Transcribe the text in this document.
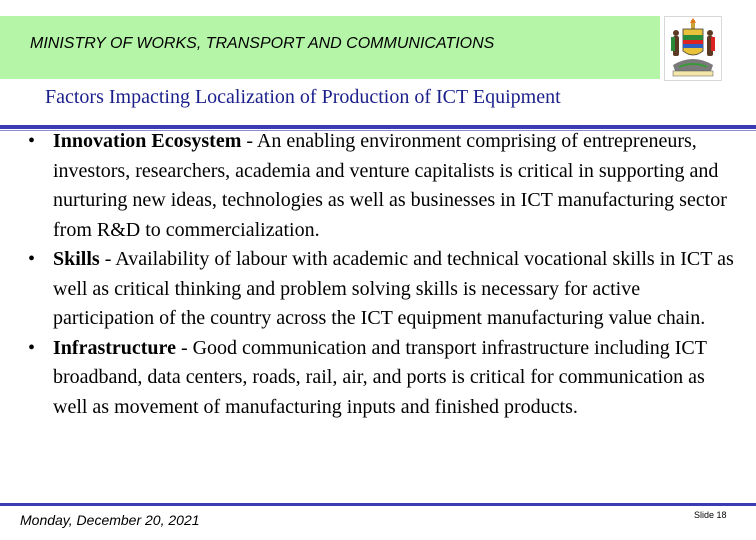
MINISTRY OF WORKS, TRANSPORT AND COMMUNICATIONS
Factors Impacting Localization of Production of ICT Equipment
• Innovation Ecosystem - An enabling environment comprising of entrepreneurs, investors, researchers, academia and venture capitalists is critical in supporting and nurturing new ideas, technologies as well as businesses in ICT manufacturing sector from R&D to commercialization.
• Skills - Availability of labour with academic and technical vocational skills in ICT as well as critical thinking and problem solving skills is necessary for active participation of the country across the ICT equipment manufacturing value chain.
• Infrastructure - Good communication and transport infrastructure including ICT broadband, data centers, roads, rail, air, and ports is critical for communication as well as movement of manufacturing inputs and finished products.
Monday, December 20, 2021	Slide 18
